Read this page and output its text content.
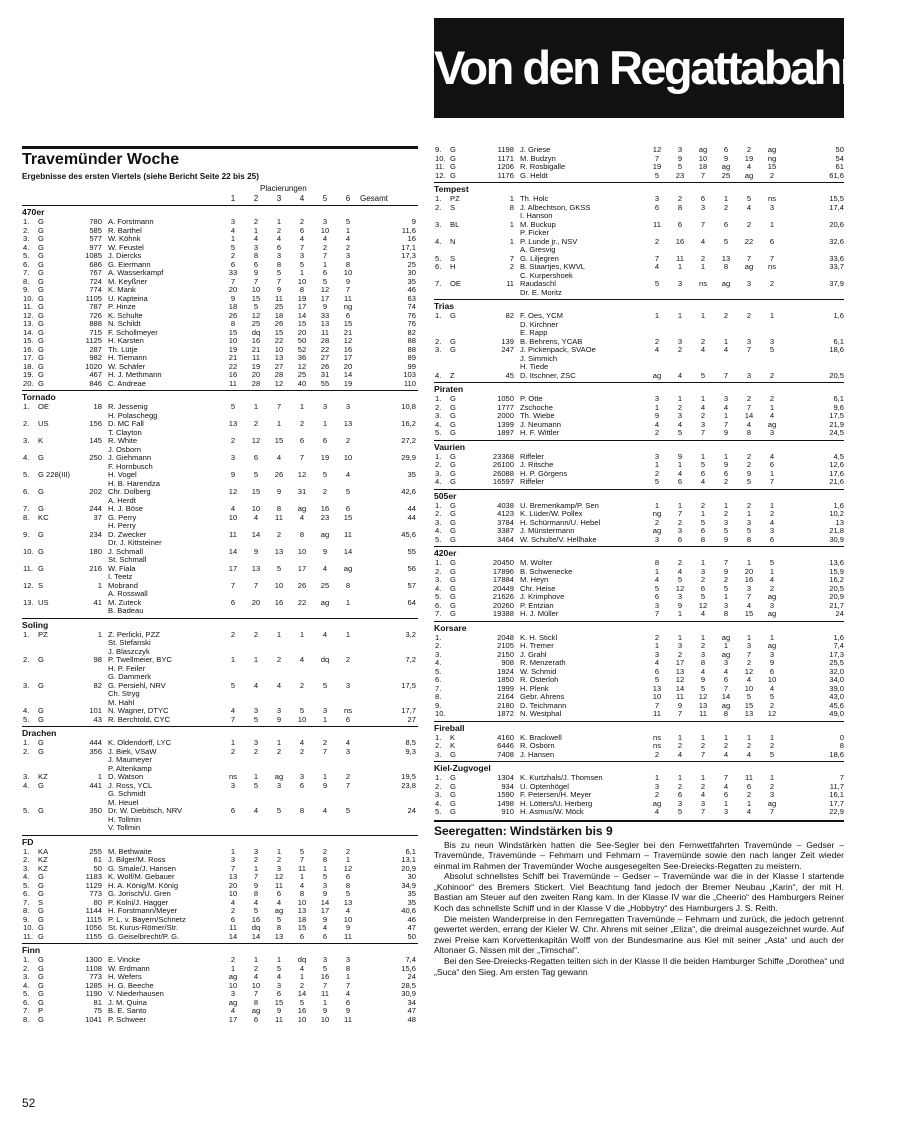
Von den Regattabahnen
Travemünder Woche
Ergebnisse des ersten Viertels (siehe Bericht Seite 22 bis 25)
Placierungen
1	2	3	4	5	6	Gesamt
470er
1.	G	780 A. Forstmann	3	2	1	2	3	5	9
2.	G	585 R. Barthel	4	1	2	6	10	1	11,6
3.	G	577 W. Köhnk	1	4	4	4	4	4	16
4.	G	977 W. Feustel	5	3	6	7	2	2	17,1
5.	G	1085 J. Diercks	2	8	3	3	7	3	17,3
6.	G	686 G. Eiermann	6	6	8	5	1	8	25
7.	G	767 A. Wasserkampf	33	9	5	1	6	10	30
8.	G	724 M. Keyßner	7	7	7	10	5	9	35
9.	G	774 K. Mank	20	10	9	8	12	7	46
10. G	1105 U. Kapteina	9	15	11	19	17	11	63
11. G	787 P. Hinze	18	5	25	17	9	ng	74
12. G	726 K. Schulte	26	12	18	14	33	6	76
13. G	888 N. Schildt	8	25	26	15	13	15	76
14. G	715 F. Schollmeyer	15	dq	15	20	11	21	82
15. G	1125 H. Karsten	10	16	22	50	28	12	88
16. G	287 Th. Lütje	19	21	10	52	22	16	88
17. G	982 H. Tiemann	21	11	13	36	27	17	89
18. G	1020 W. Schäfer	22	19	27	12	26	20	99
19. G	467 H. J. Methmann	16	20	28	25	31	14	103
20. G	846 C. Andreae	11	28	12	40	55	19	110
Tornado
1.	OE	18 R. Jessenig	5	1	7	1	3	3	10,8
H. Polaschegg
2.	US	156 D. MC Fall	13	2	1	2	1	13	16,2
T. Clayton
3.	K	145 R. White	2	12	15	6	6	2	27,2
J. Osborn
4.	G	250 J. Giehmann	3	6	4	7	19	10	29,9
F. Hornbusch
5.	G 228(III)	H. Vogel	9	5	26	12	5	4	35
H. B. Harendza
6.	G	202 Chr. Dolberg	12	15	9	31	2	5	42,6
A. Herdt
7.	G	244 H. J. Böse	4	10	8	ag	16	6	44
8.	KC	37 G. Perry	10	4	11	4	23	15	44
H. Perry
9.	G	234 D. Zwecker	11	14	2	8	ag	11	45,6
Dr. J. Kittsteiner
10. G	180 J. Schmall	14	9	13	10	9	14	55
St. Schmall
11. G	216 W. Fiala	17	13	5	17	4	ag	56
I. Teetz
12. S	1 Mobrand	7	7	10	26	25	8	57
A. Rosswall
13. US	41 M. Zuteck	6	20	16	22	ag	1	64
B. Badeau
Soling
1.	PZ	1 Z. Perlicki, PZZ	2	2	1	1	4	1	3,2
St. Stefanski
J. Blaszczyk
2.	G	98 P. Twellmeier, BYC	1	1	2	4	dq	2	7,2
H. P. Feiler
G. Dammerk
3.	G	82 G. Persiehl, NRV	5	4	4	2	5	3	17,5
Ch. Stryg
M. Hahl
4.	G	101 N. Wagner, DTYC	4	3	3	5	3	ns	17,7
5.	G	43 R. Berchtold, CYC	7	5	9	10	1	6	27
Drachen
1.	G	444 K. Oldendorff, LYC	1	3	1	4	2	4	8,5
2.	G	356 J. Biek, VSaW	2	2	2	2	7	3	9,3
J. Maumeyer
P. Altenkamp
3.	KZ	1 D. Watson	ns	1	ag	3	1	2	19,5
4.	G	441 J. Ross, YCL	3	5	3	6	9	7	23,8
G. Schmidt
M. Heuel
5.	G	350 Dr. W. Diebitsch, NRV	6	4	5	8	4	5	24
H. Tollmin
V. Tollmin
FD
1.	KA	255 M. Bethwaite	1	3	1	5	2	2	6,1
2.	KZ	61 J. Bilger/M. Ross	3	2	2	7	8	1	13,1
3.	KZ	50 G. Smale/J. Hansen	7	1	3	11	1	12	20,9
4.	G	1183 K. Wolf/M. Gebauer	13	7	12	1	5	6	30
5.	G	1129 H. A. König/M. König	20	9	11	4	3	8	34,9
6.	G	773 G. Jorisch/U. Gren	10	8	6	8	9	5	35
7.	S	80 P. Kolni/J. Hagger	4	4	4	10	14	13	35
8.	G	1144 H. Forstmann/Meyer	2	5	ag	13	17	4	40,6
9.	G	1115 P. L. v. Bayern/Schnetz	6	16	5	18	9	10	46
10. G	1056 St. Kurus-Römer/Str.	11	dq	8	15	4	9	47
11. G	1155 G. Geiselbrecht/P. G.	14	14	13	6	6	11	50
Finn
1.	G	1300 E. Vincke	2	1	1	dq	3	3	7,4
2.	G	1108 W. Erdmann	1	2	5	4	5	8	15,6
3.	G	773 H. Wefers	ag	4	4	1	16	1	24
4.	G	1285 H. G. Beeche	10	10	3	2	7	7	28,5
5.	G	1190 V. Niederhausen	3	7	6	14	11	4	30,9
6.	G	81 J. M. Quina	ag	8	15	5	1	6	34
7.	P	75 B. E. Santo	4	ag	9	16	9	9	47
8.	G	1041 P. Schweer	17	6	11	10	10	11	48
9.	G	1198 J. Griese	12	3	ag	6	2	ag	50
10. G	1171 M. Budzyn	7	9	10	9	19	ng	54
11. G	1206 R. Rosbigalle	19	5	18	ag	4	15	61
12. G	1176 G. Heldt	5	23	7	25	ag	2	61,6
Tempest
1.	PZ	1 Th. Holc	3	2	6	1	5	ns	15,5
2.	S	8 J. Albechtson, GKSS	6	8	3	2	4	3	17,4
I. Hanson
3.	BL	1 M. Buckup	11	6	7	6	2	1	20,6
P. Ficker
4.	N	1 P. Lunde jr., NSV	2	16	4	5	22	6	32,6
A. Gresvig
5.	S	7 G. Liljegren	7	11	2	13	7	7	33,6
6.	H	2 B. Staartjes, KWVL	4	1	1	8	ag	ns	33,7
C. Kurpershoek
7.	OE	11 Raudaschl	5	3	ns	ag	3	2	37,9
Dr. E. Moritz
Trias
1.	G	82 F. Oes, YCM	1	1	1	2	2	1	1,6
D. Kirchner
E. Rapp
2.	G	139 B. Behrens, YCAB	2	3	2	1	3	3	6,1
3.	G	247 J. Pickenpack, SVAOe	4	2	4	4	7	5	18,6
J. Simmich
H. Tiede
4.	Z	45 D. Itschner, ZSC	ag	4	5	7	3	2	20,5
Piraten
1.	G	1050 P. Otte	3	1	1	3	2	2	6,1
2.	G	1777 Zschoche	1	2	4	4	7	1	9,6
3.	G	2000 Th. Wiebe	9	3	2	1	14	4	17,5
4.	G	1399 J. Neumann	4	4	3	7	4	ag	21,9
5.	G	1897 H. F. Wittler	2	5	7	9	8	3	24,5
Vaurien
1.	G	23368 Riffeler	3	9	1	1	2	4	4,5
2.	G	26100 J. Ritsche	1	1	5	9	2	6	12,6
3.	G	26088 H. P. Görgens	2	4	6	6	9	1	17,6
4.	G	16597 Riffeler	5	6	4	2	5	7	21,6
505er
1.	G	4038 U. Bremenkamp/P. Sen	1	1	2	1	2	1	1,6
2.	G	4123 K. Lüder/W. Pollex	ng	7	1	2	1	2	10,2
3.	G	3784 H. Schürmann/U. Hebel	2	2	5	3	3	4	13
4.	G	3387 J. Münstermann	ag	3	6	5	5	3	21,8
5.	G	3464 W. Schulte/V. Hellhake	3	6	8	9	8	6	30,9
420er
1.	G	20450 M. Wolter	8	2	1	7	1	5	13,6
2.	G	17896 B. Schwenecke	1	4	3	9	20	1	15,9
3.	G	17884 M. Heyn	4	5	2	2	16	4	16,2
4.	G	20449 Chr. Heise	5	12	6	5	3	2	20,5
5.	G	21626 J. Krimphove	6	3	5	1	7	ag	20,9
6.	G	20260 P. Entzian	3	9	12	3	4	3	21,7
7.	G	19388 H. J. Müller	7	1	4	8	15	ag	24
Korsare
1.	2048 K. H. Stickl	2	1	1	ag	1	1	1,6
2.	2105 H. Tremer	1	3	2	1	3	ag	7,4
3.	2150 J. Grahl	3	2	3	ag	7	3	17,3
4.	908 R. Menzerath	4	17	8	3	2	9	25,5
5.	1924 W. Schmid	6	13	4	4	12	6	32,0
6.	1850 R. Osterloh	5	12	9	6	4	10	34,0
7.	1999 H. Plenk	13	14	5	7	10	4	39,0
8.	2164 Gebr. Ahrens	10	11	12	14	5	5	43,0
9.	2180 D. Teichmann	7	9	13	ag	15	2	45,6
10.	1872 N. Westphal	11	7	11	8	13	12	49,0
Fireball
1.	K	4160 K. Brackwell	ns	1	1	1	1	1	0
2.	K	6446 R. Osborn	ns	2	2	2	2	2	8
3.	G	7408 J. Hansen	2	4	7	4	4	5	18,6
Kiel-Zugvogel
1.	G	1304 K. Kurtzhals/J. Thomsen	1	1	1	7	11	1	7
2.	G	934 U. Optenhögel	3	2	2	4	6	2	11,7
3.	G	1590 F. Petersen/H. Meyer	2	6	4	6	2	3	16,1
4.	G	1498 H. Lötters/U. Herberg	ag	3	3	1	1	ag	17,7
5.	G	910 H. Asmus/W. Möck	4	5	7	3	4	7	22,9
Seeregatten: Windstärken bis 9

Bis zu neun Windstärken hatten die See-Segler bei den Fernwettfahrten Travemünde – Gedser – Travemünde, Travemünde – Fehmarn und Fehmarn – Travemünde sowie den nach langer Zeit wieder einmal im Rahmen der Travemünder Woche ausgesegelten See-Dreiecks-Regatten zu meistern.

Absolut schnellstes Schiff bei Travemünde – Gedser – Travemünde war die in der Klasse I startende „Kohinoor“ des Bremers Stickert. Viel Beachtung fand jedoch der Bremer Neubau „Karin“, der mit H. Bastian am Steuer auf den zweiten Rang kam. In der Klasse IV war die „Cheerio“ des Hamburgers Reiner Koch das schnellste Schiff und in der Klasse V die „Hobbytry“ des Hamburgers J. S. Reith.

Die meisten Wanderpreise in den Fernregatten Travemünde – Fehmarn und zurück, die jedoch getrennt gewertet werden, errang der Kieler W. Chr. Ahrens mit seiner „Eliza“, die dreimal ausgezeichnet wurde. Auf zwei Preise kam Korvettenkapitän Wolff von der Bundesmarine aus Kiel mit seiner „Asta“ und auch der Altonaer G. Nissen mit der „Timschal“.

Bei den See-Dreiecks-Regatten teilten sich in der Klasse II die beiden Hamburger Schiffe „Dorothea“ und „Suca“ den Sieg. Am ersten Tag gewann

52
